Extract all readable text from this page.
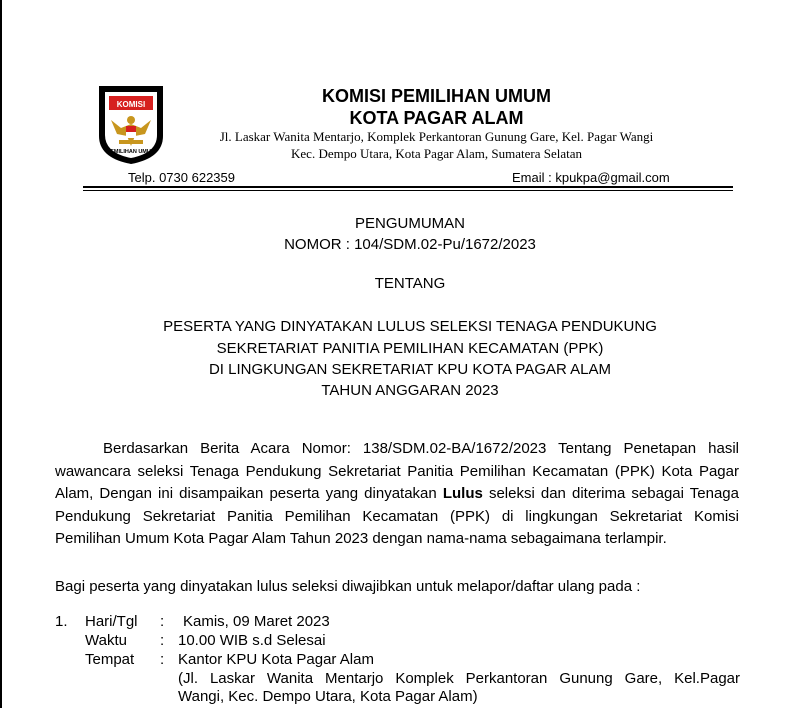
KOMISI
PEMILIHAN UMUM
KOMISI PEMILIHAN UMUM
KOTA PAGAR ALAM
Jl. Laskar Wanita Mentarjo, Komplek Perkantoran Gunung Gare, Kel. Pagar Wangi
Kec. Dempo Utara, Kota Pagar Alam, Sumatera Selatan
Telp. 0730 622359	Email : kpukpa@gmail.com
PENGUMUMAN
NOMOR : 104/SDM.02-Pu/1672/2023
TENTANG
PESERTA YANG DINYATAKAN LULUS SELEKSI TENAGA PENDUKUNG
SEKRETARIAT PANITIA PEMILIHAN KECAMATAN (PPK)
DI LINGKUNGAN SEKRETARIAT KPU KOTA PAGAR ALAM
TAHUN ANGGARAN 2023
Berdasarkan Berita Acara Nomor: 138/SDM.02-BA/1672/2023 Tentang Penetapan hasil wawancara seleksi Tenaga Pendukung Sekretariat Panitia Pemilihan Kecamatan (PPK) Kota Pagar Alam, Dengan ini disampaikan peserta yang dinyatakan Lulus seleksi dan diterima sebagai Tenaga Pendukung Sekretariat Panitia Pemilihan Kecamatan (PPK) di lingkungan Sekretariat Komisi Pemilihan Umum Kota Pagar Alam Tahun 2023 dengan nama-nama sebagaimana terlampir.
Bagi peserta yang dinyatakan lulus seleksi diwajibkan untuk melapor/daftar ulang pada :
1. Hari/Tgl : Kamis, 09 Maret 2023
Waktu : 10.00 WIB s.d Selesai
Tempat : Kantor KPU Kota Pagar Alam
(Jl. Laskar Wanita Mentarjo Komplek Perkantoran Gunung Gare, Kel.Pagar
Wangi, Kec. Dempo Utara, Kota Pagar Alam)
